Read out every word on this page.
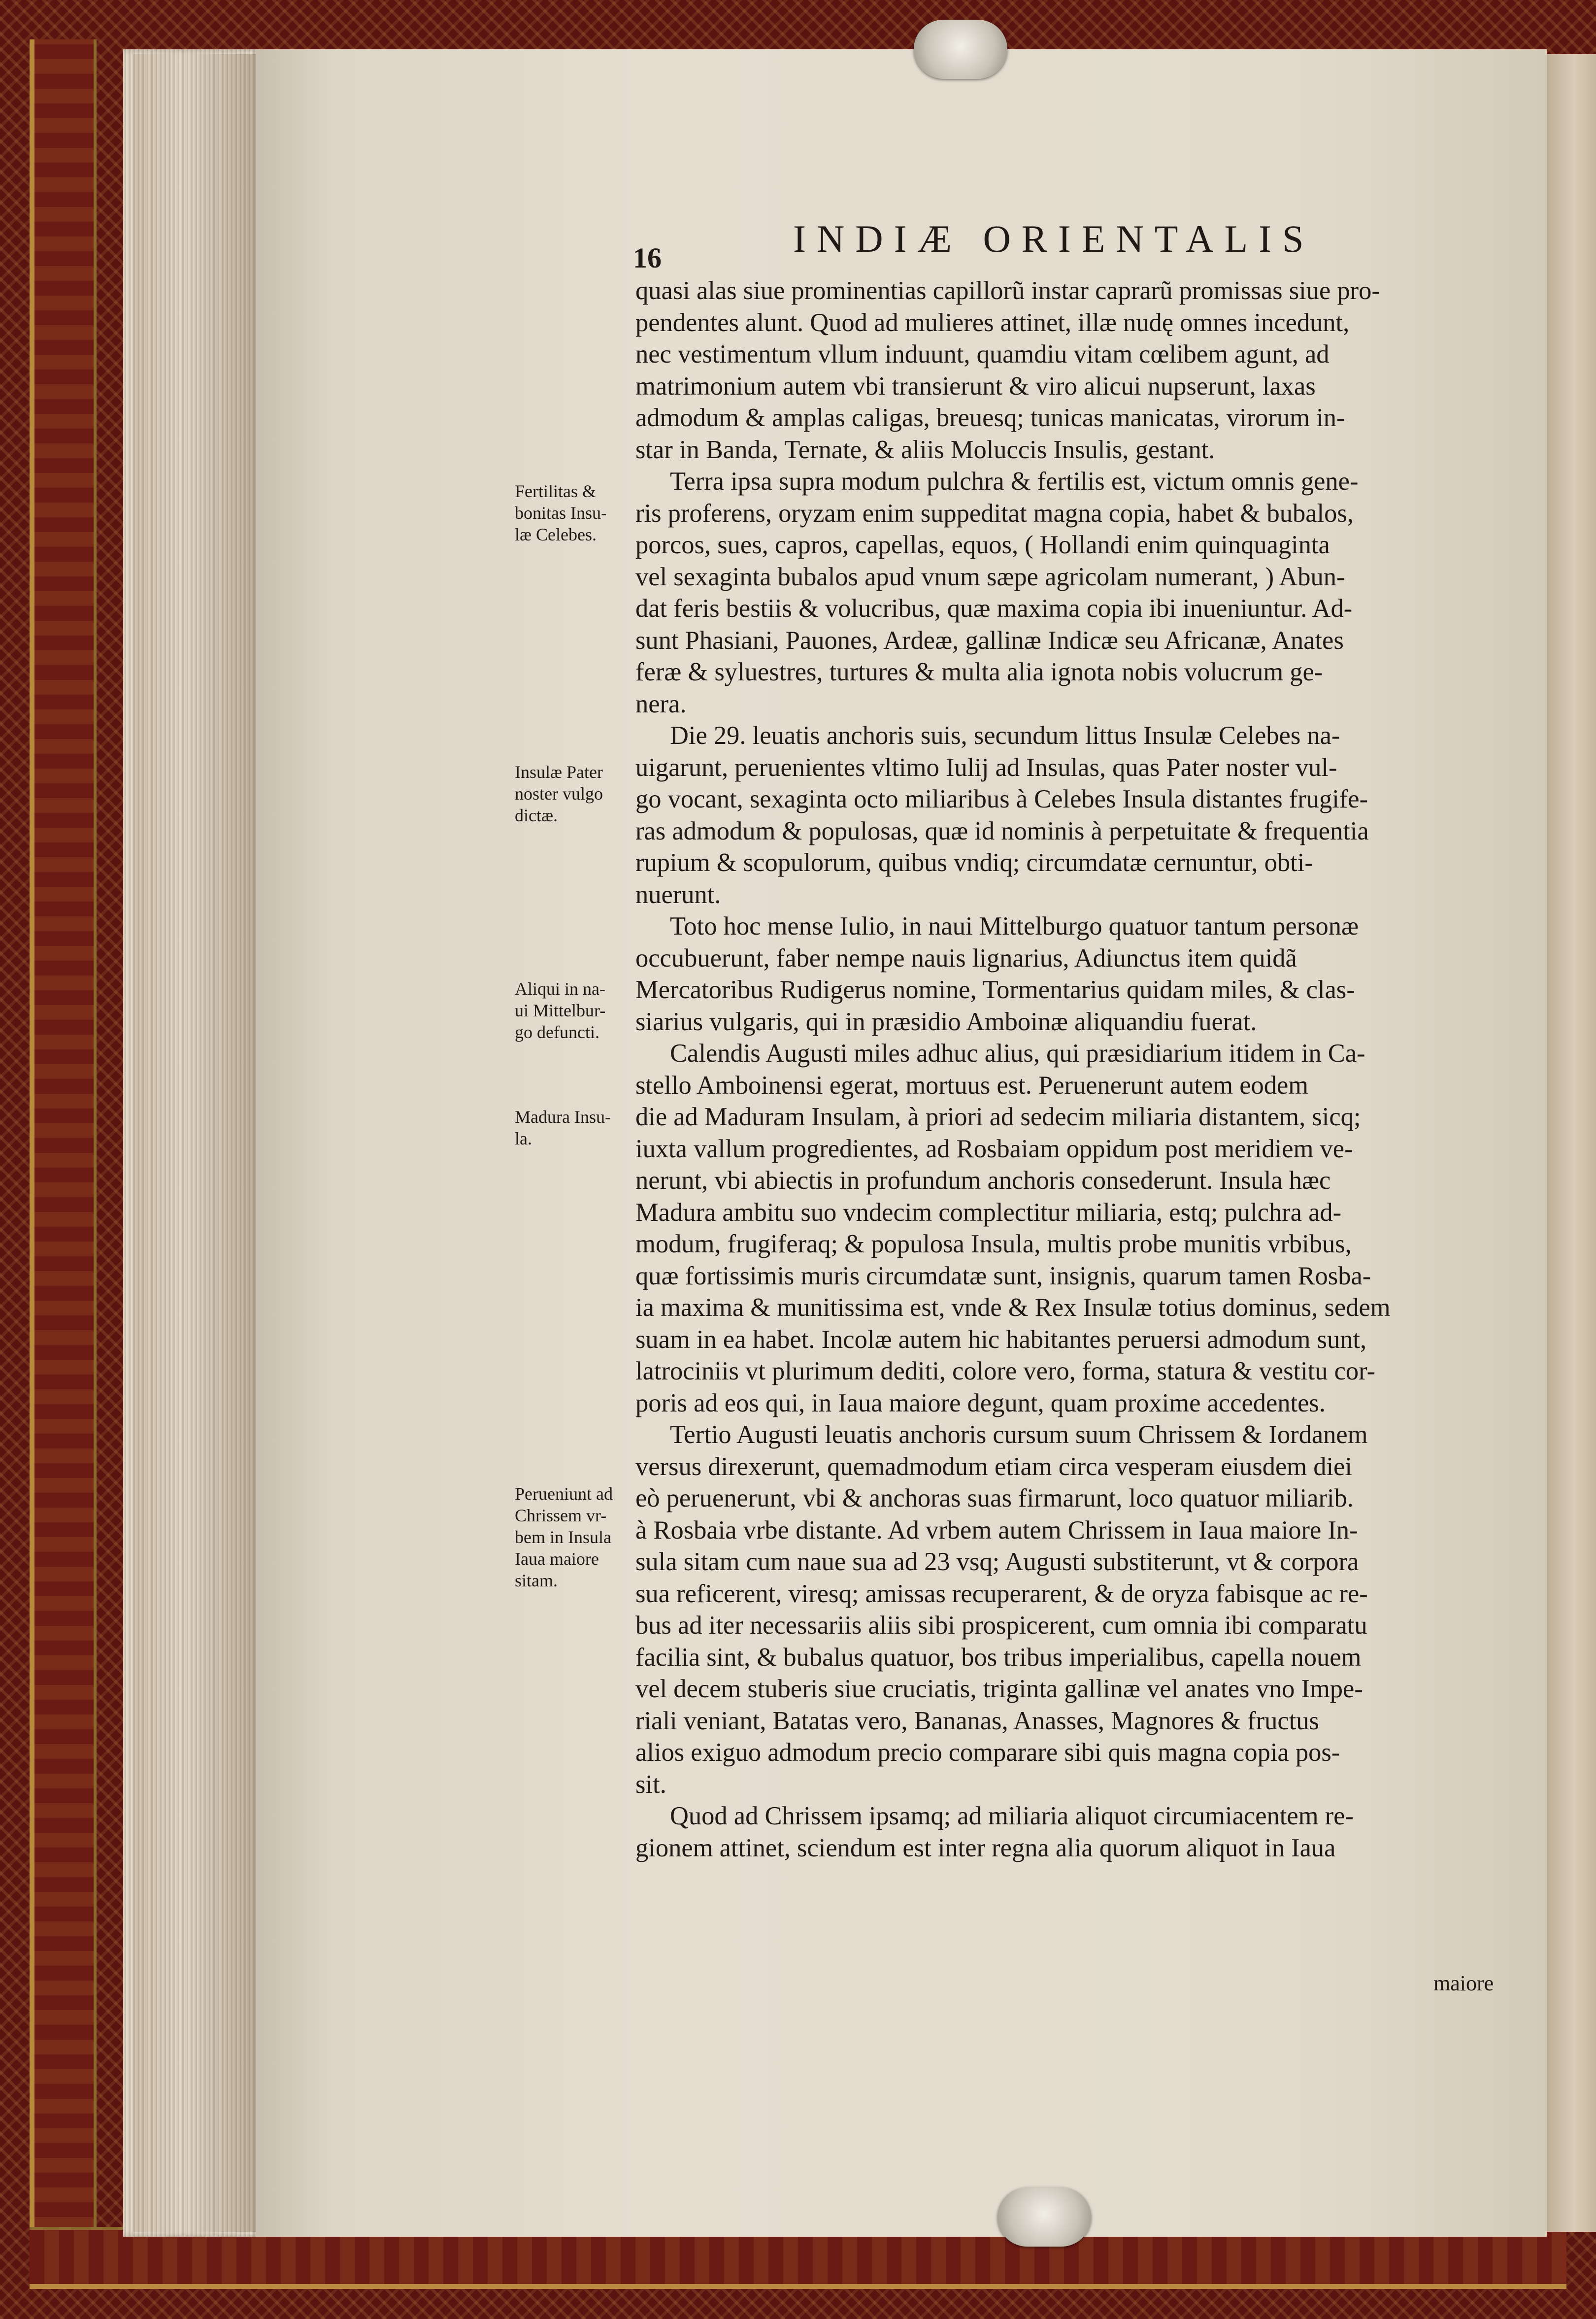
16	INDIÆ ORIENTALIS
Fertilitas &
bonitas Insu-
læ Celebes.
Insulæ Pater
noster vulgo
dictæ.
Aliqui in na-
ui Mittelbur-
go defuncti.
Madura Insu-
la.
Perueniunt ad
Chrissem vr-
bem in Insula
Iaua maiore
sitam.
quasi alas siue prominentias capillorũ instar caprarũ promissas siue pro-
pendentes alunt. Quod ad mulieres attinet, illæ nudę omnes incedunt,
nec vestimentum vllum induunt, quamdiu vitam cœlibem agunt, ad
matrimonium autem vbi transierunt & viro alicui nupserunt, laxas
admodum & amplas caligas, breuesq; tunicas manicatas, virorum in-
star in Banda, Ternate, & aliis Moluccis Insulis, gestant.
Terra ipsa supra modum pulchra & fertilis est, victum omnis gene-
ris proferens, oryzam enim suppeditat magna copia, habet & bubalos,
porcos, sues, capros, capellas, equos, ( Hollandi enim quinquaginta
vel sexaginta bubalos apud vnum sæpe agricolam numerant, ) Abun-
dat feris bestiis & volucribus, quæ maxima copia ibi inueniuntur. Ad-
sunt Phasiani, Pauones, Ardeæ, gallinæ Indicæ seu Africanæ, Anates
feræ & syluestres, turtures & multa alia ignota nobis volucrum ge-
nera.
Die 29. leuatis anchoris suis, secundum littus Insulæ Celebes na-
uigarunt, peruenientes vltimo Iulij ad Insulas, quas Pater noster vul-
go vocant, sexaginta octo miliaribus à Celebes Insula distantes frugife-
ras admodum & populosas, quæ id nominis à perpetuitate & frequentia
rupium & scopulorum, quibus vndiq; circumdatæ cernuntur, obti-
nuerunt.
Toto hoc mense Iulio, in naui Mittelburgo quatuor tantum personæ
occubuerunt, faber nempe nauis lignarius, Adiunctus item quidã
Mercatoribus Rudigerus nomine, Tormentarius quidam miles, & clas-
siarius vulgaris, qui in præsidio Amboinæ aliquandiu fuerat.
Calendis Augusti miles adhuc alius, qui præsidiarium itidem in Ca-
stello Amboinensi egerat, mortuus est. Peruenerunt autem eodem
die ad Maduram Insulam, à priori ad sedecim miliaria distantem, sicq;
iuxta vallum progredientes, ad Rosbaiam oppidum post meridiem ve-
nerunt, vbi abiectis in profundum anchoris consederunt. Insula hæc
Madura ambitu suo vndecim complectitur miliaria, estq; pulchra ad-
modum, frugiferaq; & populosa Insula, multis probe munitis vrbibus,
quæ fortissimis muris circumdatæ sunt, insignis, quarum tamen Rosba-
ia maxima & munitissima est, vnde & Rex Insulæ totius dominus, sedem
suam in ea habet. Incolæ autem hic habitantes peruersi admodum sunt,
latrociniis vt plurimum dediti, colore vero, forma, statura & vestitu cor-
poris ad eos qui, in Iaua maiore degunt, quam proxime accedentes.
Tertio Augusti leuatis anchoris cursum suum Chrissem & Iordanem
versus direxerunt, quemadmodum etiam circa vesperam eiusdem diei
eò peruenerunt, vbi & anchoras suas firmarunt, loco quatuor miliarib.
à Rosbaia vrbe distante. Ad vrbem autem Chrissem in Iaua maiore In-
sula sitam cum naue sua ad 23 vsq; Augusti substiterunt, vt & corpora
sua reficerent, viresq; amissas recuperarent, & de oryza fabisque ac re-
bus ad iter necessariis aliis sibi prospicerent, cum omnia ibi comparatu
facilia sint, & bubalus quatuor, bos tribus imperialibus, capella nouem
vel decem stuberis siue cruciatis, triginta gallinæ vel anates vno Impe-
riali veniant, Batatas vero, Bananas, Anasses, Magnores & fructus
alios exiguo admodum precio comparare sibi quis magna copia pos-
sit.
Quod ad Chrissem ipsamq; ad miliaria aliquot circumiacentem re-
gionem attinet, sciendum est inter regna alia quorum aliquot in Iaua
maiore
